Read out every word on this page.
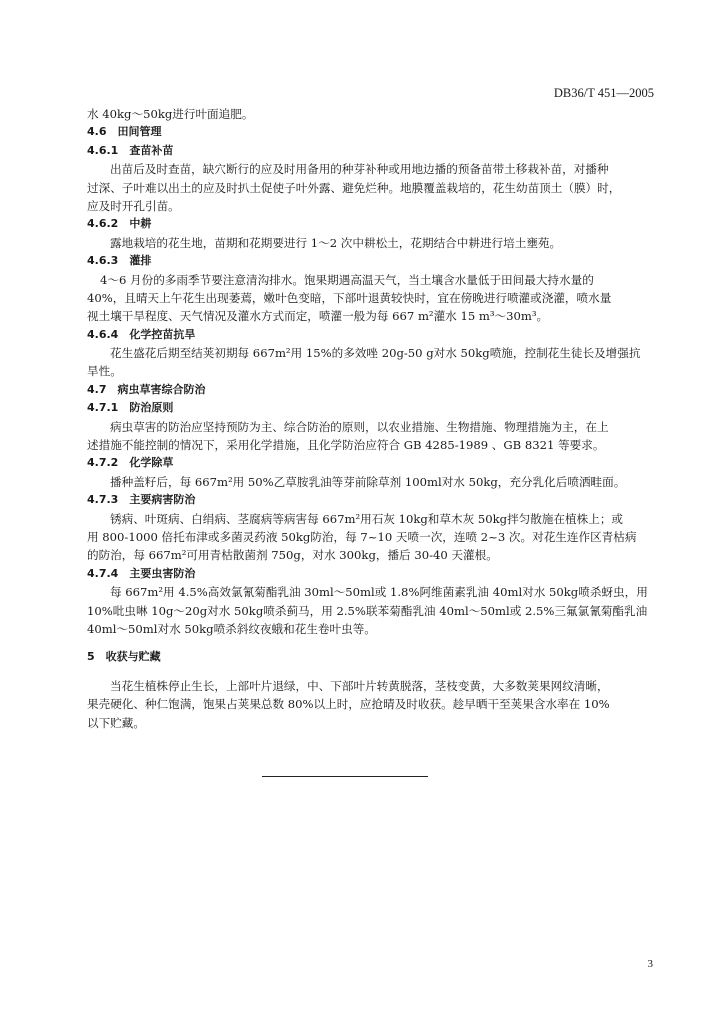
DB36/T 451—2005
水 40kg～50kg进行叶面追肥。
4.6　田间管理
4.6.1　查苗补苗
出苗后及时查苗，缺穴断行的应及时用备用的种芽补种或用地边播的预备苗带土移栽补苗，对播种
过深、子叶难以出土的应及时扒土促使子叶外露、避免烂种。地膜覆盖栽培的，花生幼苗顶土（膜）时，
应及时开孔引苗。
4.6.2　中耕
露地栽培的花生地，苗期和花期要进行 1～2 次中耕松土，花期结合中耕进行培土壅苑。
4.6.3　灌排
4～6 月份的多雨季节要注意清沟排水。饱果期遇高温天气，当土壤含水量低于田间最大持水量的
40%，且晴天上午花生出现萎蔫，嫩叶色变暗，下部叶退黄较快时，宜在傍晚进行喷灌或浇灌，喷水量
视土壤干旱程度、天气情况及灌水方式而定，喷灌一般为每 667 m²灌水 15 m³～30m³。
4.6.4　化学控苗抗旱
花生盛花后期至结荚初期每 667m²用 15%的多效唑 20g-50 g对水 50kg喷施，控制花生徒长及增强抗
旱性。
4.7　病虫草害综合防治
4.7.1　防治原则
病虫草害的防治应坚持预防为主、综合防治的原则，以农业措施、生物措施、物理措施为主，在上
述措施不能控制的情况下，采用化学措施，且化学防治应符合 GB 4285-1989 、GB 8321 等要求。
4.7.2　化学除草
播种盖籽后，每 667m²用 50%乙草胺乳油等芽前除草剂 100ml对水 50kg，充分乳化后喷洒畦面。
4.7.3　主要病害防治
锈病、叶斑病、白绢病、茎腐病等病害每 667m²用石灰 10kg和草木灰 50kg拌匀散施在植株上；或
用 800-1000 倍托布津或多菌灵药液 50kg防治，每 7~10 天喷一次，连喷 2~3 次。对花生连作区青枯病
的防治，每 667m²可用青枯散菌剂 750g，对水 300kg，播后 30-40 天灌根。
4.7.4　主要虫害防治
每 667m²用 4.5%高效氯氰菊酯乳油 30ml～50ml或 1.8%阿维菌素乳油 40ml对水 50kg喷杀蚜虫，用
10%吡虫啉 10g～20g对水 50kg喷杀蓟马，用 2.5%联苯菊酯乳油 40ml～50ml或 2.5%三氟氯氰菊酯乳油
40ml～50ml对水 50kg喷杀斜纹夜蛾和花生卷叶虫等。
5　收获与贮藏
当花生植株停止生长，上部叶片退绿，中、下部叶片转黄脱落，茎枝变黄，大多数荚果网纹清晰，
果壳硬化、种仁饱满，饱果占荚果总数 80%以上时，应抢晴及时收获。趁早晒干至荚果含水率在 10%
以下贮藏。
3
